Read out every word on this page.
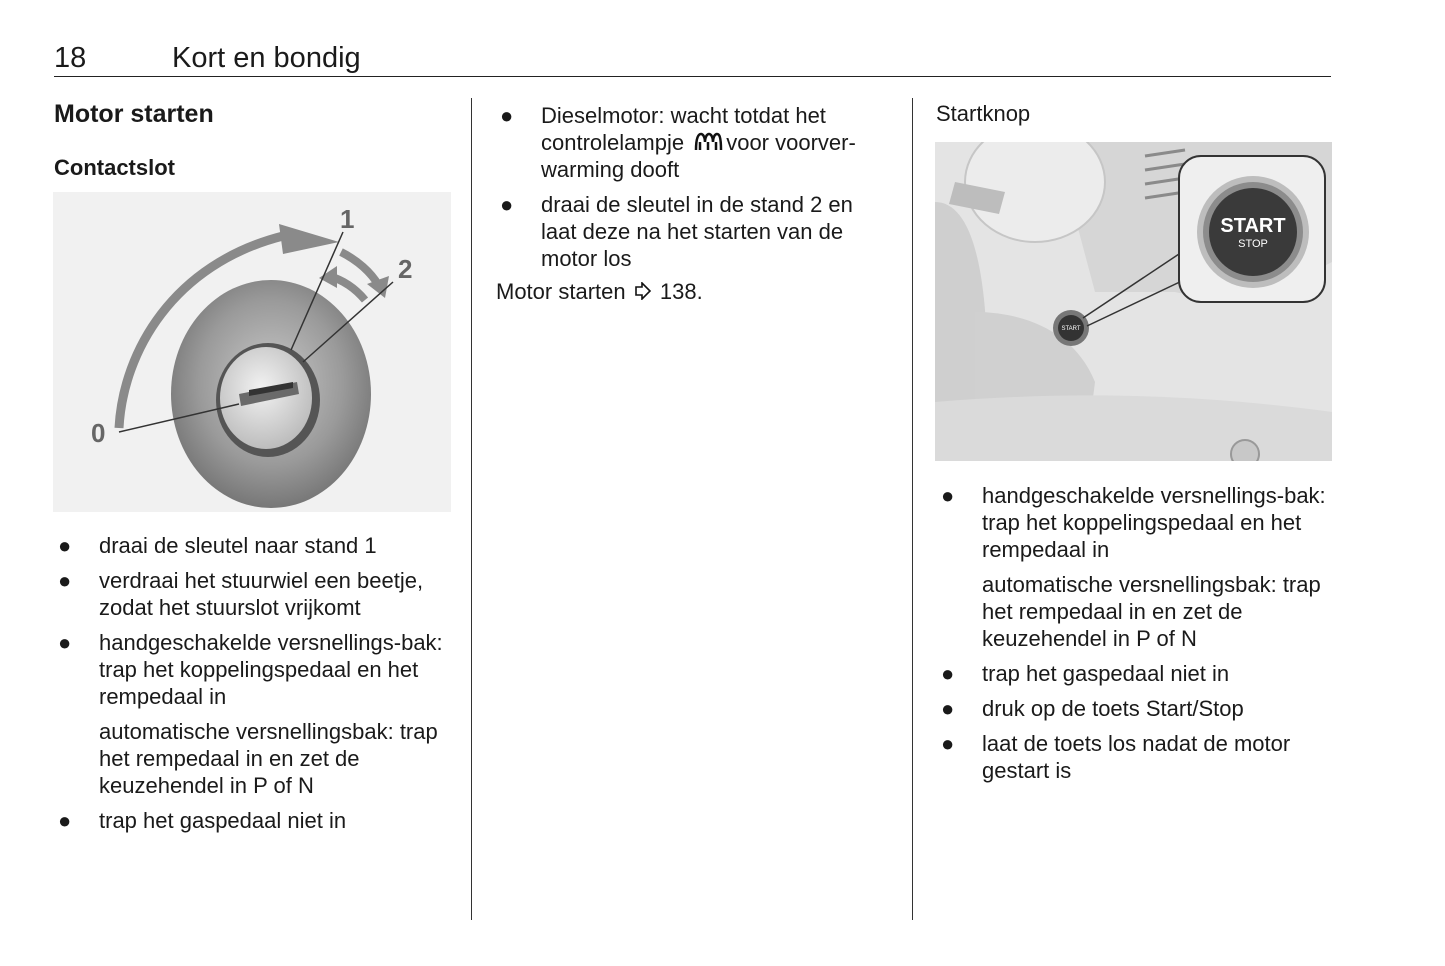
18	Kort en bondig
Motor starten
Contactslot
0
1
2
● draai de sleutel naar stand 1
● verdraai het stuurwiel een beetje, zodat het stuurslot vrijkomt
● handgeschakelde versnellings-bak: trap het koppelingspedaal en het rempedaal in
automatische versnellingsbak: trap het rempedaal in en zet de keuzehendel in P of N
● trap het gaspedaal niet in
● Dieselmotor: wacht totdat het controlelampje voor voorver-warming dooft
● draai de sleutel in de stand 2 en laat deze na het starten van de motor los
Motor starten 138.
Startknop
START
START
STOP
● handgeschakelde versnellings-bak: trap het koppelingspedaal en het rempedaal in
automatische versnellingsbak: trap het rempedaal in en zet de keuzehendel in P of N
● trap het gaspedaal niet in
● druk op de toets Start/Stop
● laat de toets los nadat de motor gestart is
